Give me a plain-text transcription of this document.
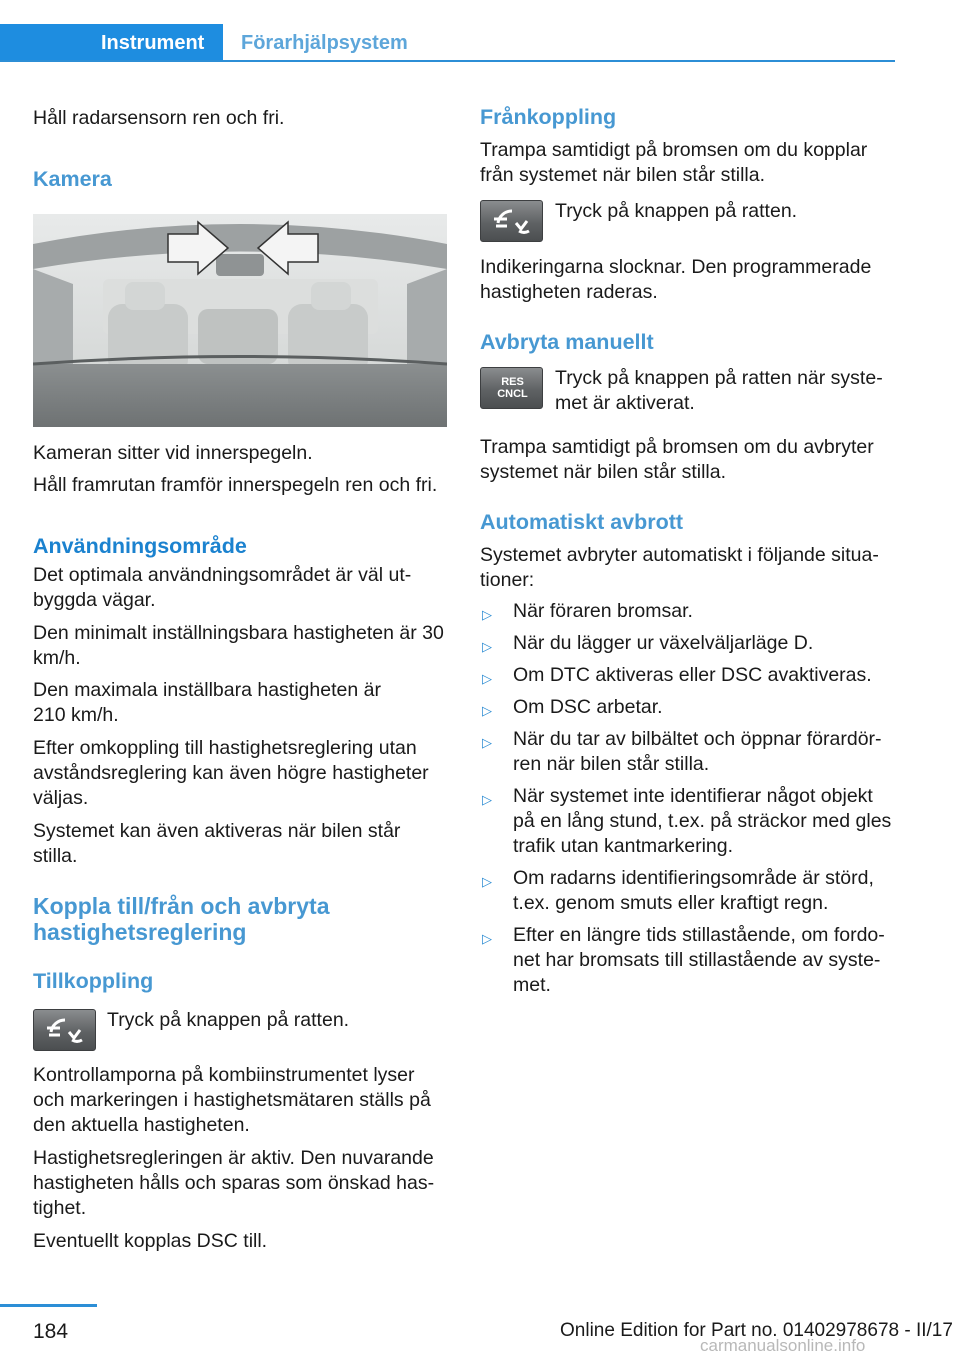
Instrument	Förarhjälpsystem

Håll radarsensorn ren och fri.

Kamera

Kameran sitter vid innerspegeln.

Håll framrutan framför innerspegeln ren och fri.

Användningsområde

Det optimala användningsområdet är väl ut-byggda vägar.

Den minimalt inställningsbara hastigheten är 30 km/h.

Den maximala inställbara hastigheten är 210 km/h.

Efter omkoppling till hastighetsreglering utan avståndsreglering kan även högre hastigheter väljas.

Systemet kan även aktiveras när bilen står stilla.

Koppla till/från och avbryta hastighetsreglering
Tillkoppling

Tryck på knappen på ratten.

Kontrollamporna på kombiinstrumentet lyser och markeringen i hastighetsmätaren ställs på den aktuella hastigheten.

Hastighetsregleringen är aktiv. Den nuvarande hastigheten hålls och sparas som önskad has-tighet.

Eventuellt kopplas DSC till.

Frånkoppling

Trampa samtidigt på bromsen om du kopplar från systemet när bilen står stilla.

Tryck på knappen på ratten.

Indikeringarna slocknar. Den programmerade hastigheten raderas.

Avbryta manuellt
RES
CNCL

Tryck på knappen på ratten när syste-met är aktiverat.

Trampa samtidigt på bromsen om du avbryter systemet när bilen står stilla.

Automatiskt avbrott

Systemet avbryter automatiskt i följande situa-tioner:

▷ När föraren bromsar.
▷ När du lägger ur växelväljarläge D.
▷ Om DTC aktiveras eller DSC avaktiveras.
▷ Om DSC arbetar.
▷ När du tar av bilbältet och öppnar förardör-ren när bilen står stilla.
▷ När systemet inte identifierar något objekt på en lång stund, t.ex. på sträckor med gles trafik utan kantmarkering.
▷ Om radarns identifieringsområde är störd, t.ex. genom smuts eller kraftigt regn.
▷ Efter en längre tids stillastående, om fordo-net har bromsats till stillastående av syste-met.
184	Online Edition for Part no. 01402978678 - II/17
carmanualsonline.info
